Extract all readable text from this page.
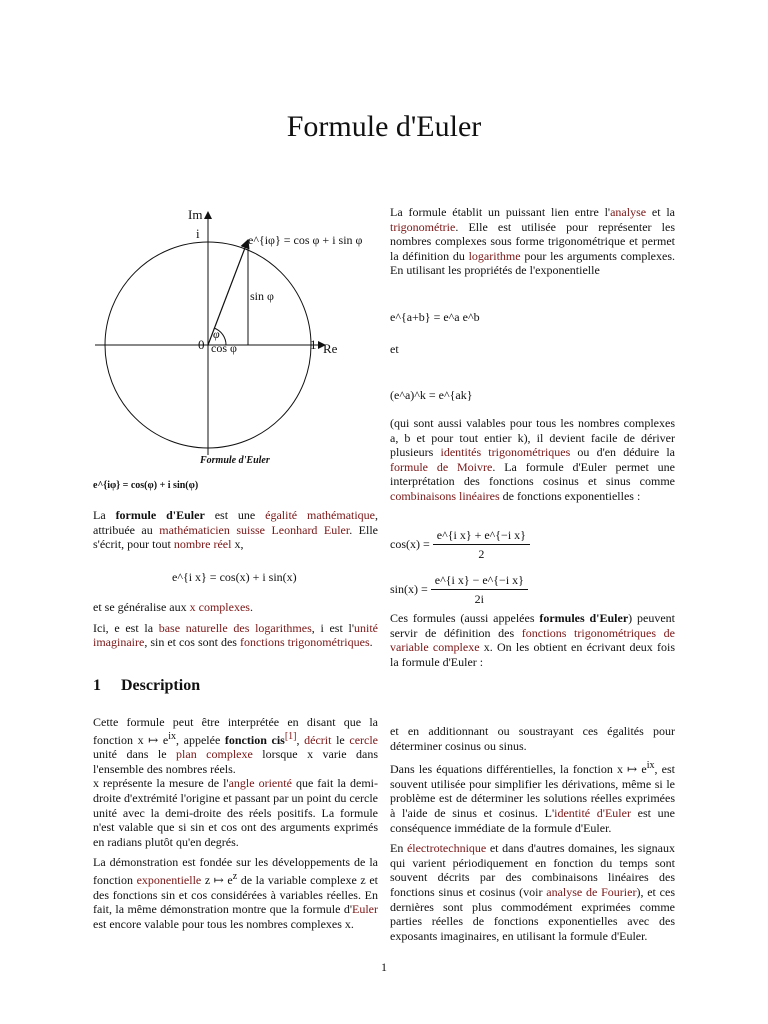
Formule d'Euler
Im
i
0	1 Re
φ
cos φ
sin φ
e^{iφ} = cos φ + i sin φ
Formule d'Euler
e^{iφ} = cos(φ) + i sin(φ)

La formule d'Euler est une égalité mathématique, attribuée au mathématicien suisse Leonhard Euler. Elle s'écrit, pour tout nombre réel x,

e^{i x} = cos(x) + i sin(x)

et se généralise aux x complexes.

Ici, e est la base naturelle des logarithmes, i est l'unité imaginaire, sin et cos sont des fonctions trigonométriques.

1 Description

Cette formule peut être interprétée en disant que la fonction x ↦ $e^{ix}$, appelée fonction cis[1], décrit le cercle unité dans le plan complexe lorsque x varie dans l'ensemble des nombres réels.

x représente la mesure de l'angle orienté que fait la demi-droite d'extrémité l'origine et passant par un point du cercle unité avec la demi-droite des réels positifs. La formule n'est valable que si sin et cos ont des arguments exprimés en radians plutôt qu'en degrés.

La démonstration est fondée sur les développements de la fonction exponentielle z ↦ $e^z$ de la variable complexe z et des fonctions sin et cos considérées à variables réelles. En fait, la même démonstration montre que la formule d'Euler est encore valable pour tous les nombres complexes x.

La formule établit un puissant lien entre l'analyse et la trigonométrie. Elle est utilisée pour représenter les nombres complexes sous forme trigonométrique et permet la définition du logarithme pour les arguments complexes. En utilisant les propriétés de l'exponentielle

e^{a+b} = e^a e^b
et
(e^a)^k = e^{ak}

(qui sont aussi valables pour tous les nombres complexes a, b et pour tout entier k), il devient facile de dériver plusieurs identités trigonométriques ou d'en déduire la formule de Moivre. La formule d'Euler permet une interprétation des fonctions cosinus et sinus comme combinaisons linéaires de fonctions exponentielles :

$\cos(x) = \frac{\text{e\textasciicircum{}\{i x\} + e\textasciicircum{}\{−i x\}}}{2}$
$\sin(x) = \frac{\text{e\textasciicircum{}\{i x\} − e\textasciicircum{}\{−i x\}}}{2i}$

Ces formules (aussi appelées formules d'Euler) peuvent servir de définition des fonctions trigonométriques de variable complexe x. On les obtient en écrivant deux fois la formule d'Euler :

et en additionnant ou soustrayant ces égalités pour déterminer cosinus ou sinus.

Dans les équations différentielles, la fonction x ↦ $e^{ix}$, est souvent utilisée pour simplifier les dérivations, même si le problème est de déterminer les solutions réelles exprimées à l'aide de sinus et cosinus. L'identité d'Euler est une conséquence immédiate de la formule d'Euler.

En électrotechnique et dans d'autres domaines, les signaux qui varient périodiquement en fonction du temps sont souvent décrits par des combinaisons linéaires des fonctions sinus et cosinus (voir analyse de Fourier), et ces dernières sont plus commodément exprimées comme parties réelles de fonctions exponentielles avec des exposants imaginaires, en utilisant la formule d'Euler.

1
